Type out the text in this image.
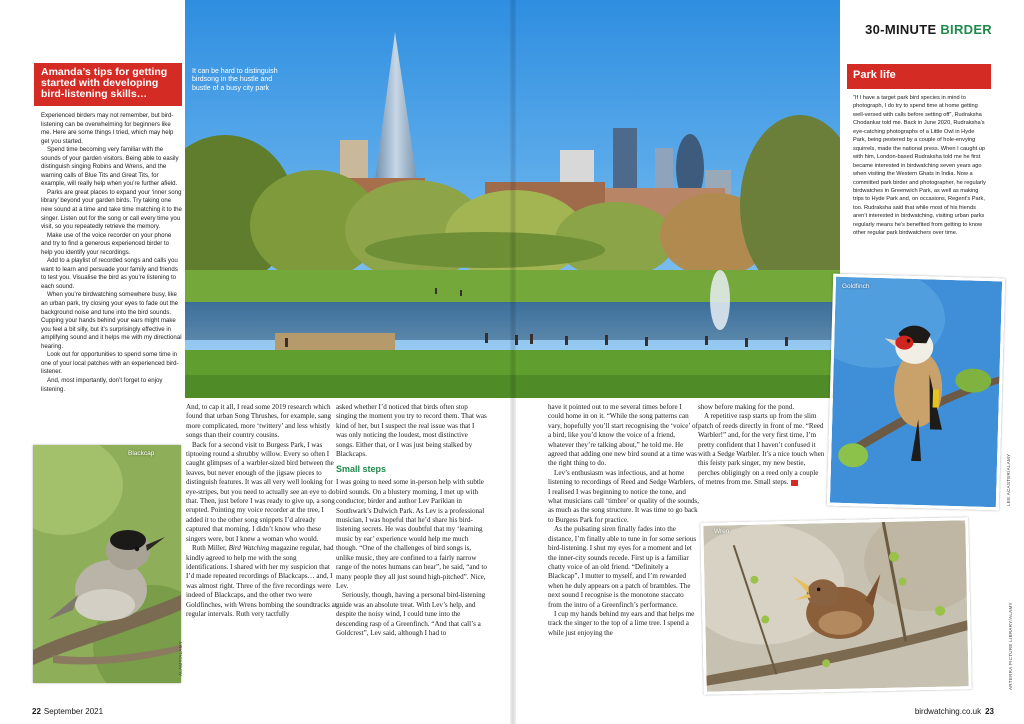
It can be hard to distinguish birdsong in the hustle and bustle of a busy city park
30-MINUTE BIRDER
Amanda’s tips for getting started with developing bird-listening skills…

Experienced birders may not remember, but bird-listening can be overwhelming for beginners like me. Here are some things I tried, which may help get you started.

Spend time becoming very familiar with the sounds of your garden visitors. Being able to easily distinguish singing Robins and Wrens, and the warning calls of Blue Tits and Great Tits, for example, will really help when you’re further afield.

Parks are great places to expand your ‘inner song library’ beyond your garden birds. Try taking one new sound at a time and take time matching it to the singer. Listen out for the song or call every time you visit, so you repeatedly retrieve the memory.

Make use of the voice recorder on your phone and try to find a generous experienced birder to help you identify your recordings.

Add to a playlist of recorded songs and calls you want to learn and persuade your family and friends to test you. Visualise the bird as you’re listening to each sound.

When you’re birdwatching somewhere busy, like an urban park, try closing your eyes to fade out the background noise and tune into the bird sounds. Cupping your hands behind your ears might make you feel a bit silly, but it’s surprisingly effective in amplifying sound and it helps me with my directional hearing.

Look out for opportunities to spend some time in one of your local patches with an experienced bird-listener.

And, most importantly, don’t forget to enjoy listening.

Park life
“If I have a target park bird species in mind to photograph, I do try to spend time at home getting well-versed with calls before setting off”, Rudraksha Chodankar told me. Back in June 2020, Rudraksha’s eye-catching photographs of a Little Owl in Hyde Park, being pestered by a couple of hole-envying squirrels, made the national press. When I caught up with him, London-based Rudraksha told me he first became interested in birdwatching seven years ago when visiting the Western Ghats in India. Now a committed park birder and photographer, he regularly birdwatches in Greenwich Park, as well as making trips to Hyde Park and, on occasions, Regent’s Park, too. Rudraksha said that while most of his friends aren’t interested in birdwatching, visiting urban parks regularly means he’s benefited from getting to know other regular park birdwatchers over time.

And, to cap it all, I read some 2019 research which found that urban Song Thrushes, for example, sang more complicated, more ‘twittery’ and less whistly songs than their country cousins.

Back for a second visit to Burgess Park, I was tiptoeing round a shrubby willow. Every so often I caught glimpses of a warbler-sized bird between the leaves, but never enough of the jigsaw pieces to distinguish features. It was all very well looking for eye-stripes, but you need to actually see an eye to do that. Then, just before I was ready to give up, a song erupted. Pointing my voice recorder at the tree, I added it to the other song snippets I’d already captured that morning. I didn’t know who these singers were, but I knew a woman who would.

Ruth Miller, Bird Watching magazine regular, had kindly agreed to help me with the song identifications. I shared with her my suspicion that I’d made repeated recordings of Blackcaps… and, I was almost right. Three of the five recordings were indeed of Blackcaps, and the other two were Goldfinches, with Wrens bombing the soundtracks at regular intervals. Ruth very tactfully

asked whether I’d noticed that birds often stop singing the moment you try to record them. That was kind of her, but I suspect the real issue was that I was only noticing the loudest, most distinctive songs. Either that, or I was just being stalked by Blackcaps.

Small steps

I was going to need some in-person help with subtle bird sounds. On a blustery morning, I met up with conductor, birder and author Lev Parikian in Southwark’s Dulwich Park. As Lev is a professional musician, I was hopeful that he’d share his bird-listening secrets. He was doubtful that my ‘learning music by ear’ experience would help me much though. “One of the challenges of bird songs is, unlike music, they are confined to a fairly narrow range of the notes humans can hear”, he said, “and to many people they all just sound high-pitched”. Nice, Lev.

Seriously, though, having a personal bird-listening guide was an absolute treat. With Lev’s help, and despite the noisy wind, I could tune into the descending rasp of a Greenfinch. “And that call’s a Goldcrest”, Lev said, although I had to

have it pointed out to me several times before I could home in on it. “While the song patterns can vary, hopefully you’ll start recognising the ‘voice’ of a bird, like you’d know the voice of a friend, whatever they’re talking about,” he told me. He agreed that adding one new bird sound at a time was the right thing to do.

Lev’s enthusiasm was infectious, and at home listening to recordings of Reed and Sedge Warblers, I realised I was beginning to notice the tone, and what musicians call ‘timbre’ or quality of the sounds, as much as the song structure. It was time to go back to Burgess Park for practice.

As the pulsating siren finally fades into the distance, I’m finally able to tune in for some serious bird-listening. I shut my eyes for a moment and let the inner-city sounds recede. First up is a familiar chatty voice of an old friend. “Definitely a Blackcap”, I mutter to myself, and I’m rewarded when he duly appears on a patch of brambles. The next sound I recognise is the monotone staccato from the intro of a Greenfinch’s performance.

I cup my hands behind my ears and that helps me track the singer to the top of a lime tree. I spend a while just enjoying the

show before making for the pond.

A repetitive rasp starts up from the slim patch of reeds directly in front of me. “Reed Warbler!” and, for the very first time, I’m pretty confident that I haven’t confused it with a Sedge Warbler. It’s a nice touch when this feisty park singer, my new bestie, perches obligingly on a reed only a couple of metres from me. Small steps.

Blackcap
ALAMY/ALAMY
Goldfinch
LEE ACASTER/ALAMY
Wren
ARTERRA PICTURE LIBRARY/ALAMY
22 September 2021	birdwatching.co.uk 23
